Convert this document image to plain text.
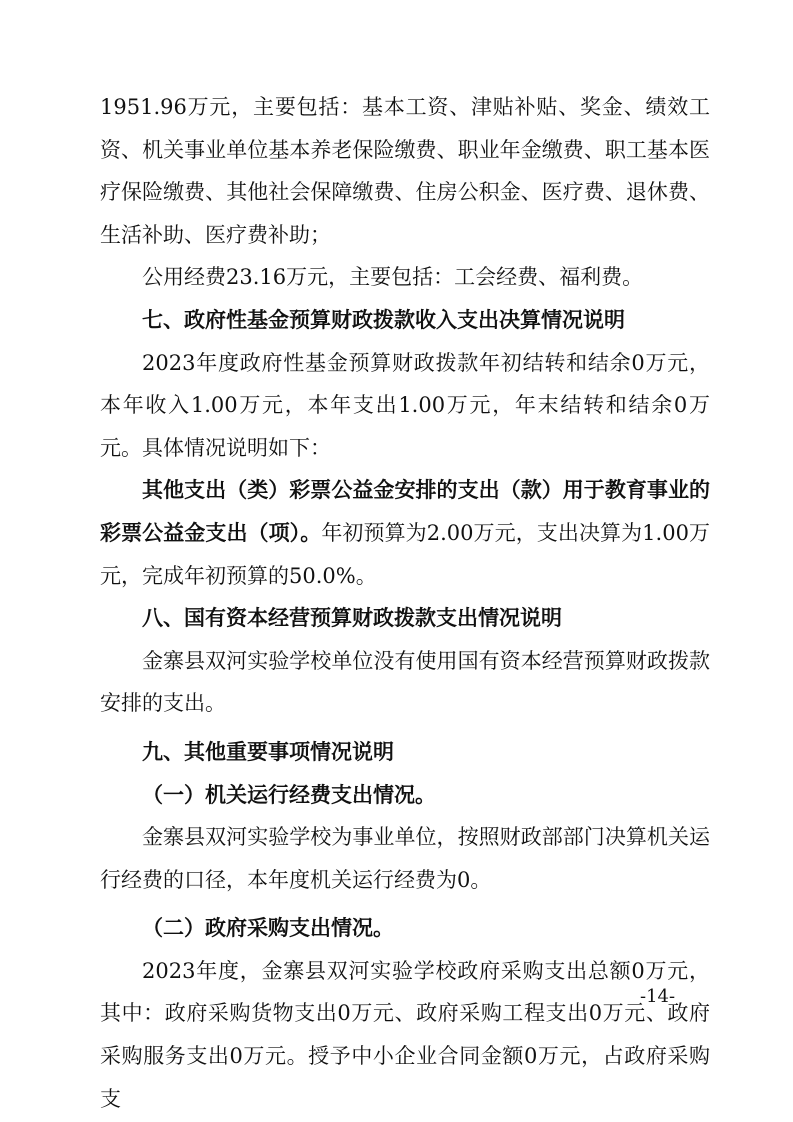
1951.96万元，主要包括：基本工资、津贴补贴、奖金、绩效工资、机关事业单位基本养老保险缴费、职业年金缴费、职工基本医疗保险缴费、其他社会保障缴费、住房公积金、医疗费、退休费、生活补助、医疗费补助；

公用经费23.16万元，主要包括：工会经费、福利费。

七、政府性基金预算财政拨款收入支出决算情况说明

2023年度政府性基金预算财政拨款年初结转和结余0万元，本年收入1.00万元，本年支出1.00万元，年末结转和结余0万元。具体情况说明如下：

其他支出（类）彩票公益金安排的支出（款）用于教育事业的彩票公益金支出（项）。年初预算为2.00万元，支出决算为1.00万元，完成年初预算的50.0%。

八、国有资本经营预算财政拨款支出情况说明

金寨县双河实验学校单位没有使用国有资本经营预算财政拨款安排的支出。

九、其他重要事项情况说明

（一）机关运行经费支出情况。

金寨县双河实验学校为事业单位，按照财政部部门决算机关运行经费的口径，本年度机关运行经费为0。

（二）政府采购支出情况。

2023年度，金寨县双河实验学校政府采购支出总额0万元，其中：政府采购货物支出0万元、政府采购工程支出0万元、政府采购服务支出0万元。授予中小企业合同金额0万元，占政府采购支

-14-
